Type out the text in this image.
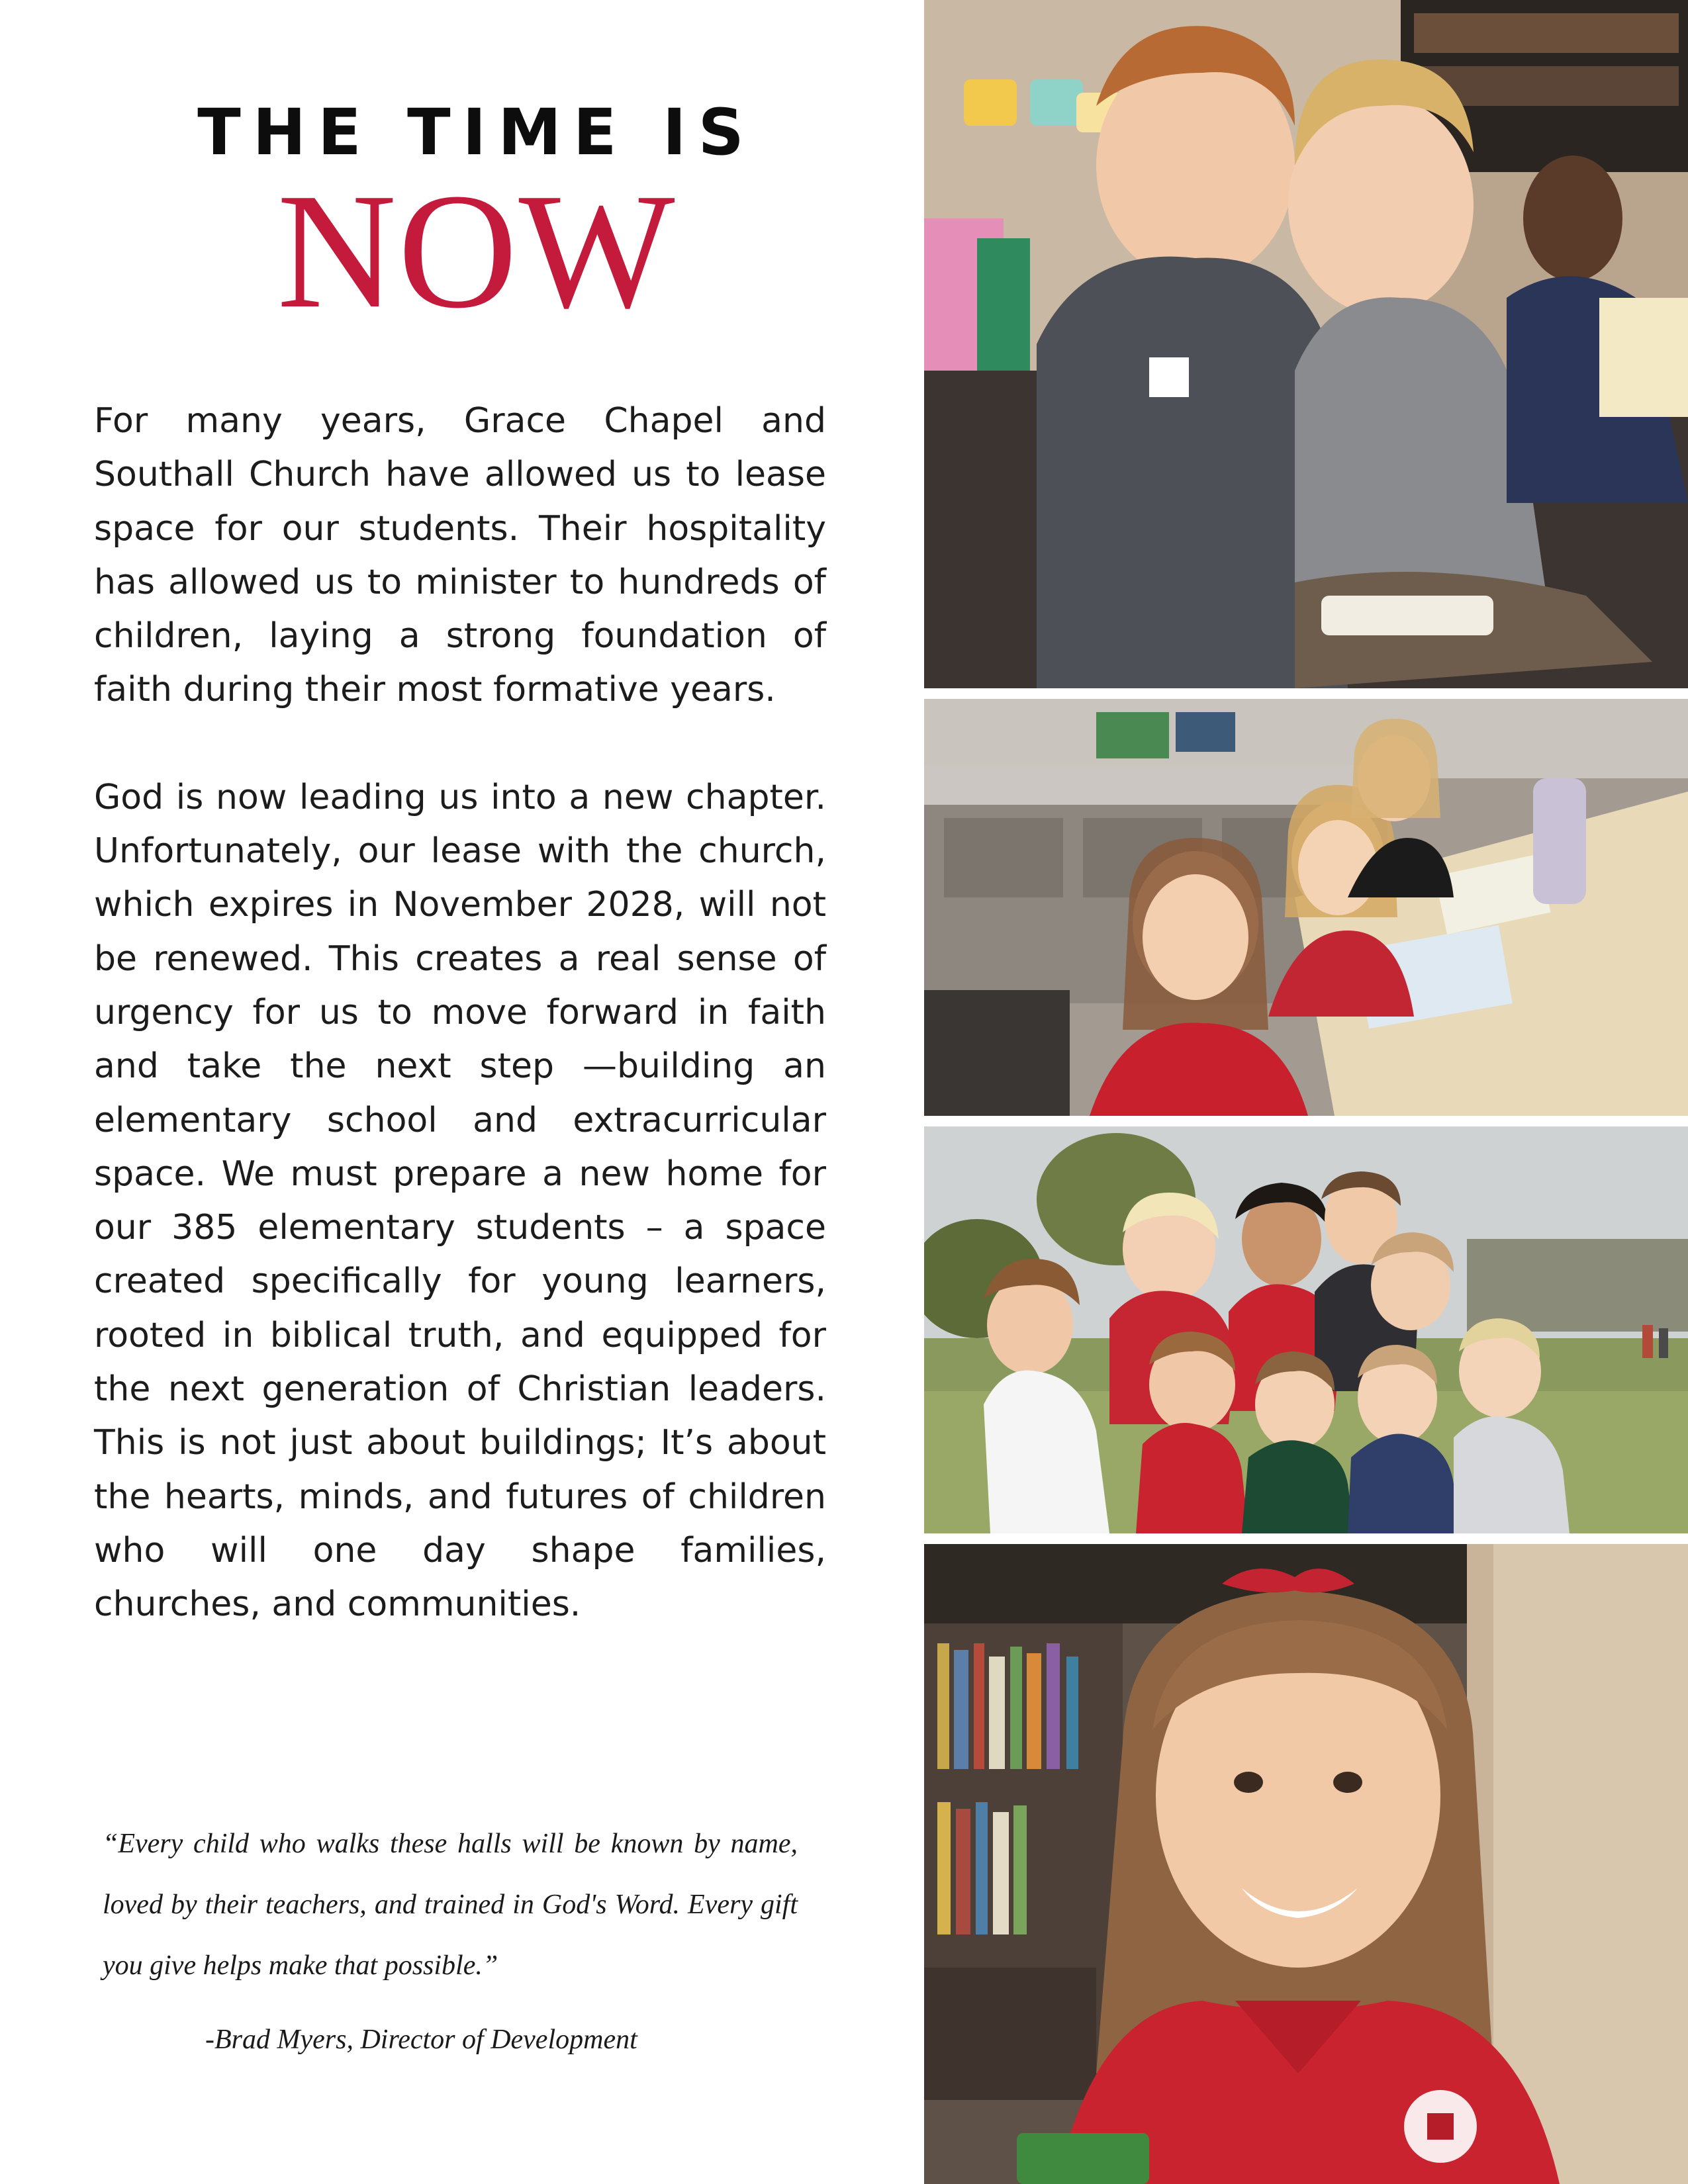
THE TIME IS
NOW

For many years, Grace Chapel and Southall Church have allowed us to lease space for our students. Their hospitality has allowed us to minister to hundreds of children, laying a strong foundation of faith during their most formative years.

God is now leading us into a new chapter. Unfortunately, our lease with the church, which expires in November 2028, will not be renewed. This creates a real sense of urgency for us to move forward in faith and take the next step —building an elementary school and extracurricular space. We must prepare a new home for our 385 elementary students – a space created specifically for young learners, rooted in biblical truth, and equipped for the next generation of Christian leaders. This is not just about buildings; It’s about the hearts, minds, and futures of children who will one day shape families, churches, and communities.

“Every child who walks these halls will be known by name, loved by their teachers, and trained in God's Word. Every gift you give helps make that possible.”
-Brad Myers, Director of Development
